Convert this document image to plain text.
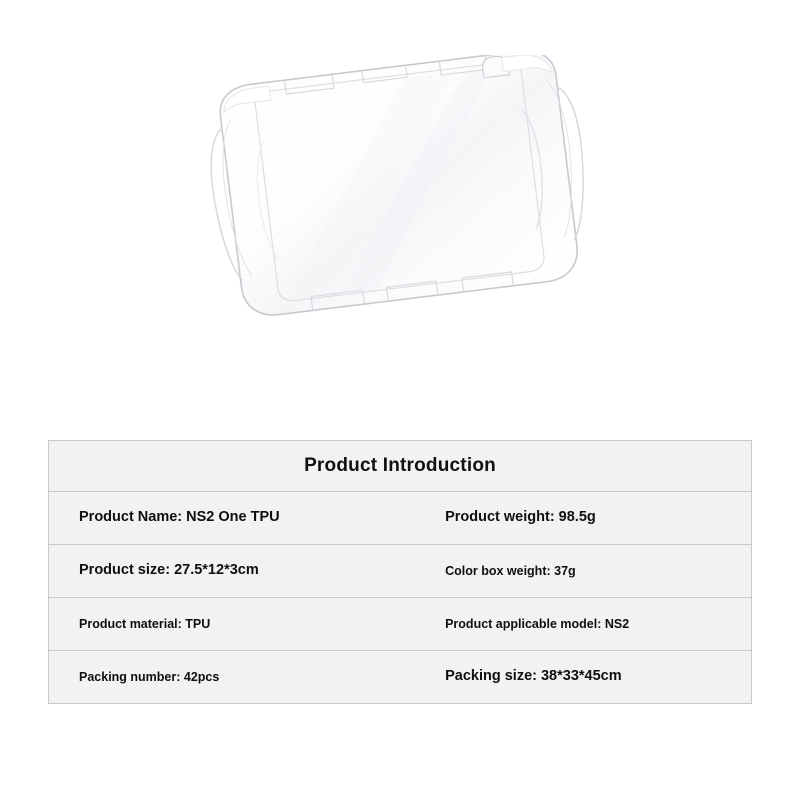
Product Introduction
Product Name: NS2 One TPU	Product weight: 98.5g
Product size: 27.5*12*3cm	Color box weight: 37g
Product material: TPU	Product applicable model: NS2
Packing number: 42pcs	Packing size: 38*33*45cm
